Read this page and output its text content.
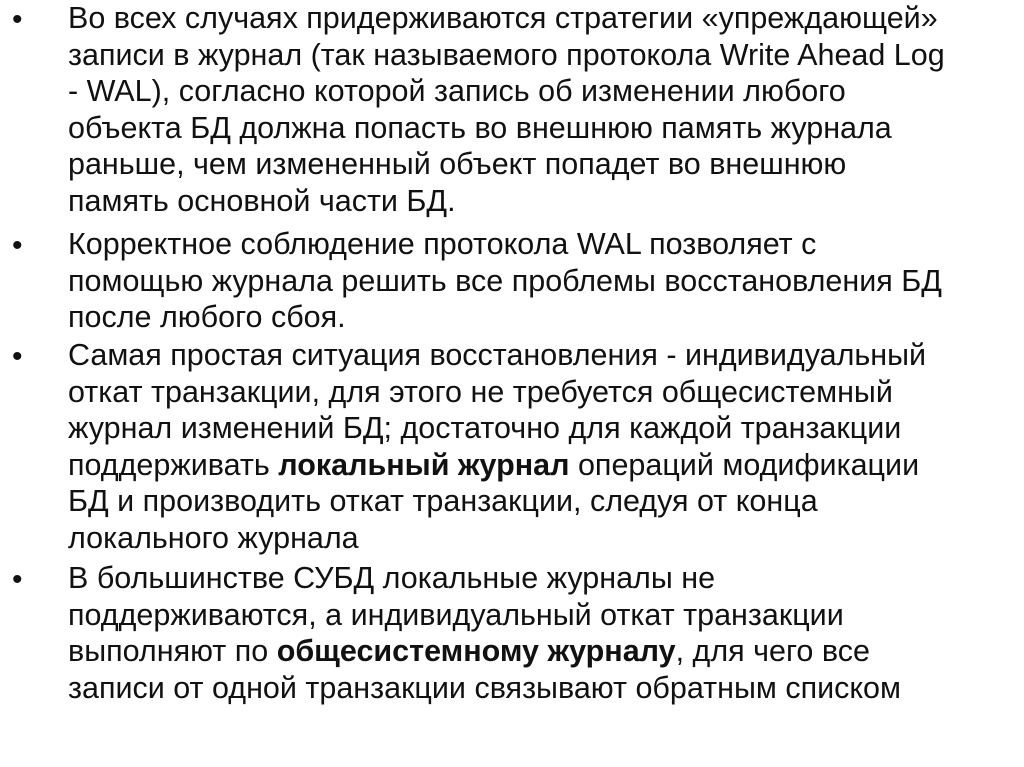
• Во всех случаях придерживаются стратегии «упреждающей»
записи в журнал (так называемого протокола Write Ahead Log
- WAL), согласно которой запись об изменении любого
объекта БД должна попасть во внешнюю память журнала
раньше, чем измененный объект попадет во внешнюю
память основной части БД.

• Корректное соблюдение протокола WAL позволяет с
помощью журнала решить все проблемы восстановления БД
после любого сбоя.

• Самая простая ситуация восстановления - индивидуальный
откат транзакции, для этого не требуется общесистемный
журнал изменений БД; достаточно для каждой транзакции
поддерживать локальный журнал операций модификации
БД и производить откат транзакции, следуя от конца
локального журнала

• В большинстве СУБД локальные журналы не
поддерживаются, а индивидуальный откат транзакции
выполняют по общесистемному журналу, для чего все
записи от одной транзакции связывают обратным списком
